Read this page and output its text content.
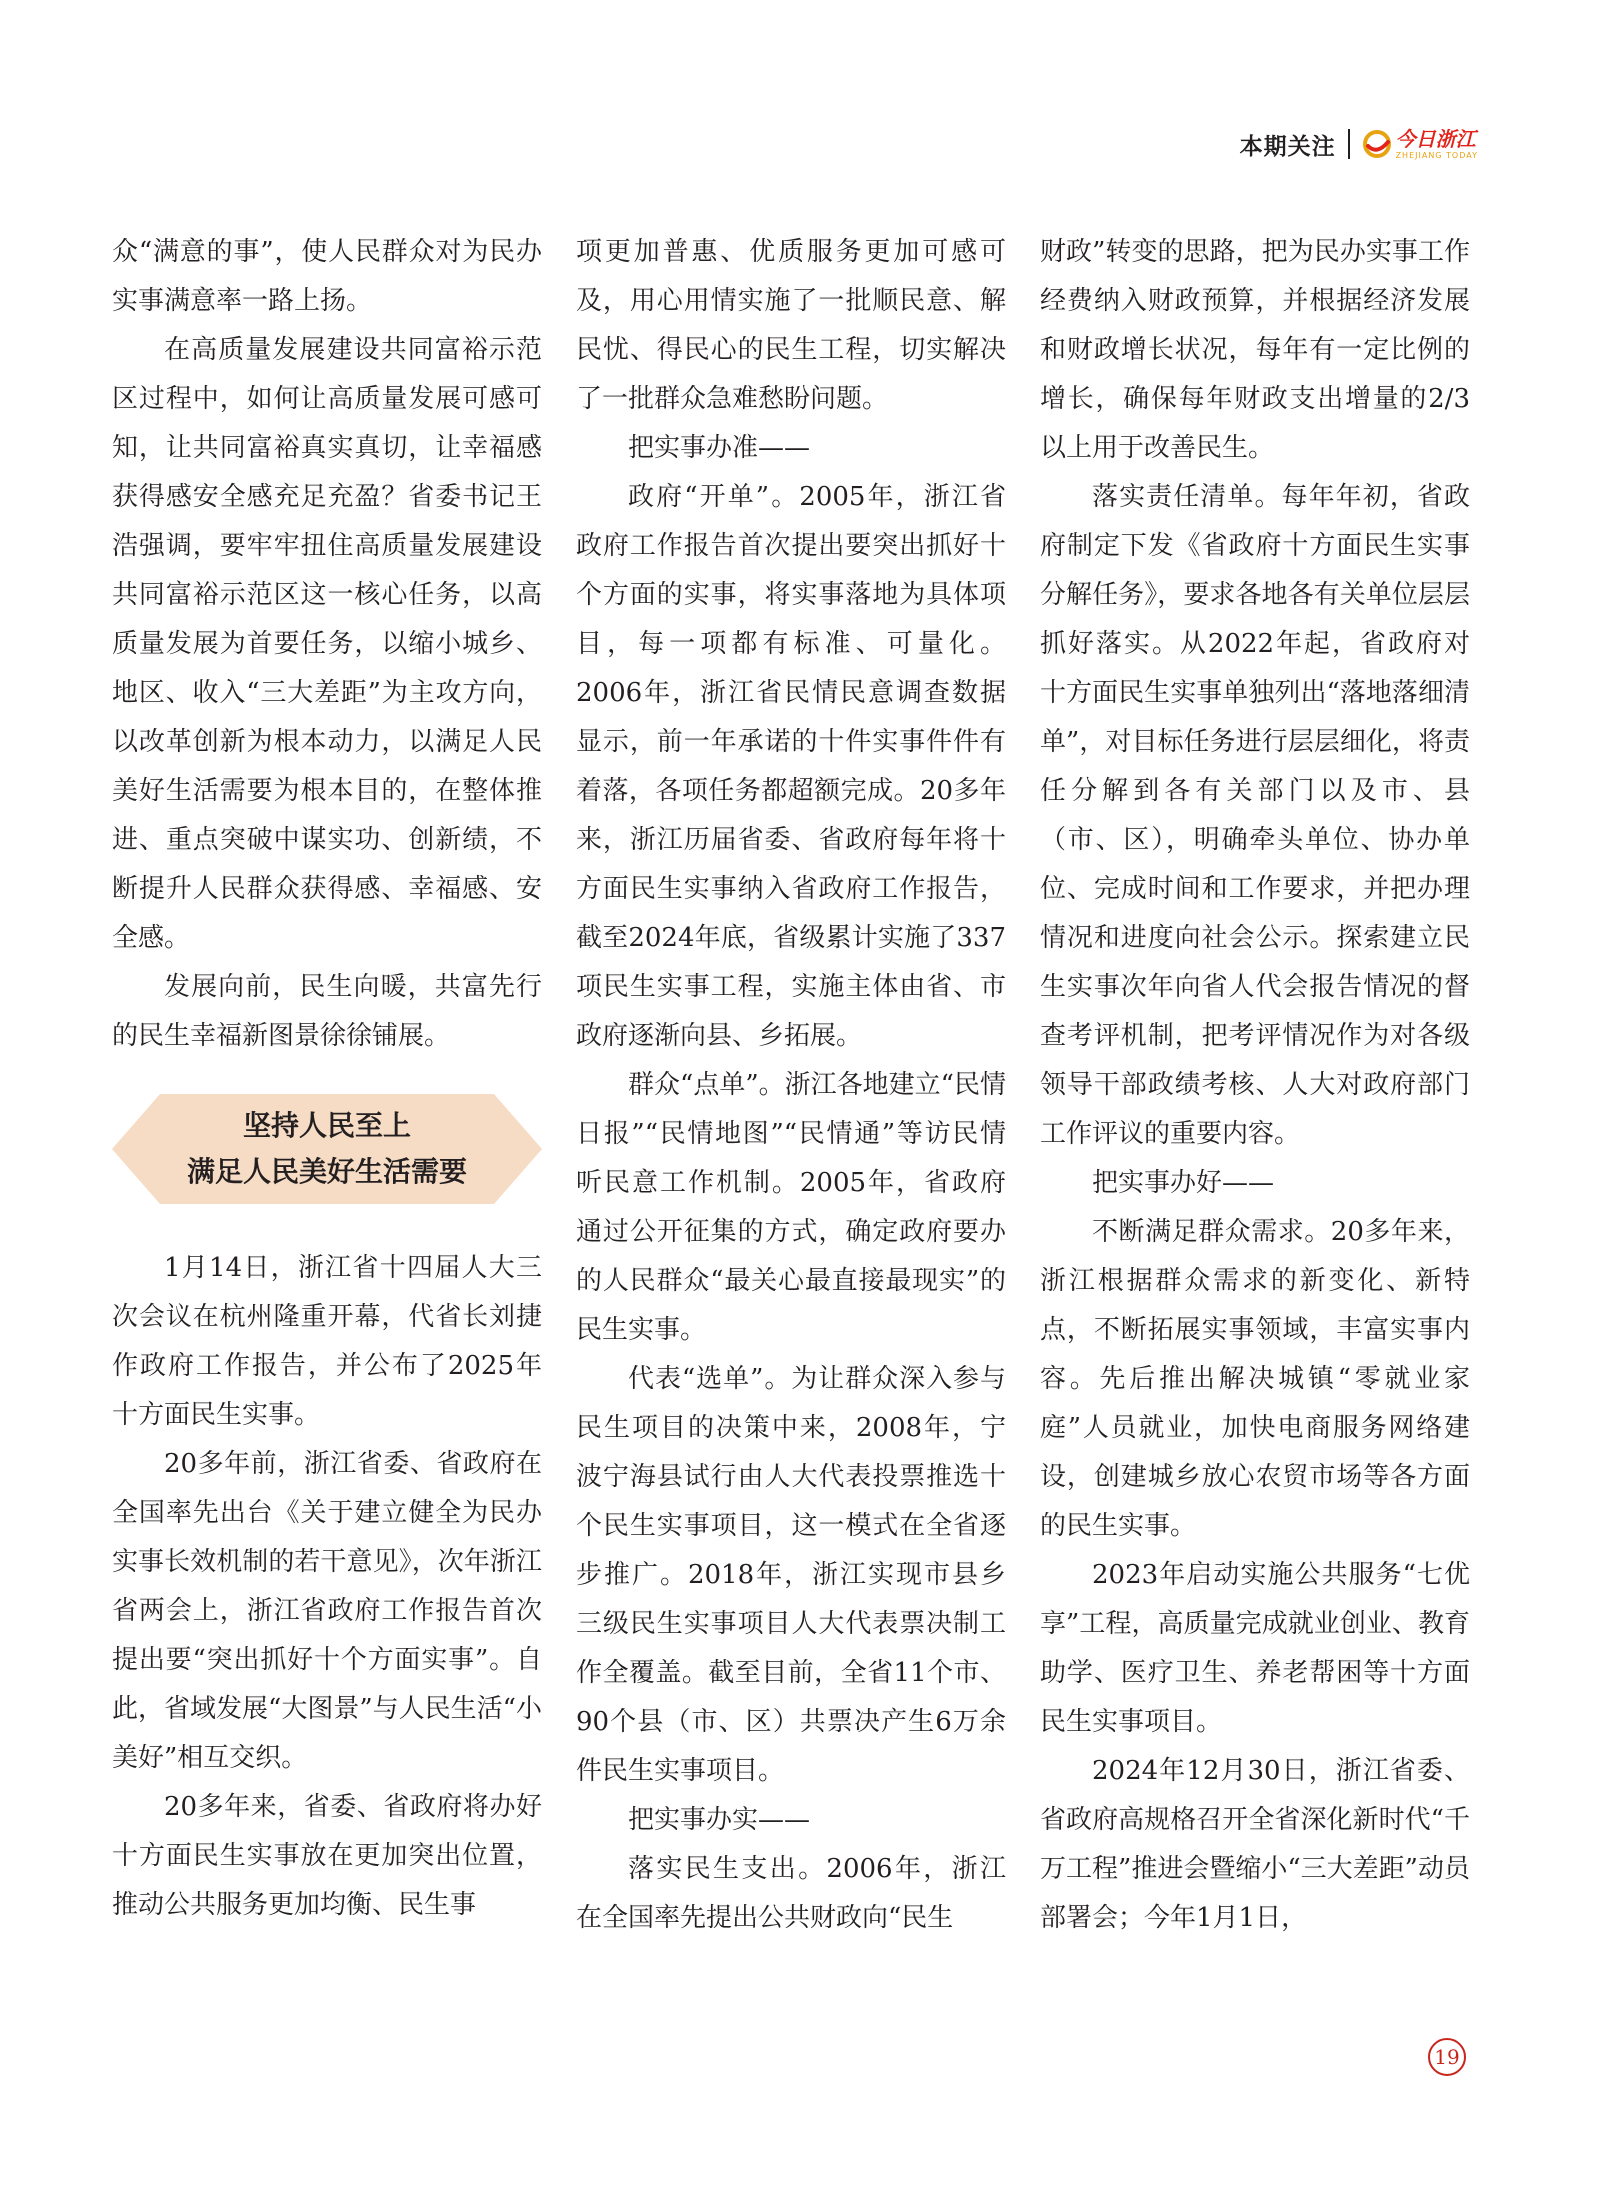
本期关注	今日浙江
ZHEJIANG TODAY

众“满意的事”，使人民群众对为民办实事满意率一路上扬。

在高质量发展建设共同富裕示范区过程中，如何让高质量发展可感可知，让共同富裕真实真切，让幸福感获得感安全感充足充盈？省委书记王浩强调，要牢牢扭住高质量发展建设共同富裕示范区这一核心任务，以高质量发展为首要任务，以缩小城乡、地区、收入“三大差距”为主攻方向，以改革创新为根本动力，以满足人民美好生活需要为根本目的，在整体推进、重点突破中谋实功、创新绩，不断提升人民群众获得感、幸福感、安全感。

发展向前，民生向暖，共富先行的民生幸福新图景徐徐铺展。

坚持人民至上
满足人民美好生活需要

1月14日，浙江省十四届人大三次会议在杭州隆重开幕，代省长刘捷作政府工作报告，并公布了2025年十方面民生实事。

20多年前，浙江省委、省政府在全国率先出台《关于建立健全为民办实事长效机制的若干意见》，次年浙江省两会上，浙江省政府工作报告首次提出要“突出抓好十个方面实事”。自此，省域发展“大图景”与人民生活“小美好”相互交织。

20多年来，省委、省政府将办好十方面民生实事放在更加突出位置，推动公共服务更加均衡、民生事

项更加普惠、优质服务更加可感可及，用心用情实施了一批顺民意、解民忧、得民心的民生工程，切实解决了一批群众急难愁盼问题。

把实事办准——

政府“开单”。2005年，浙江省政府工作报告首次提出要突出抓好十个方面的实事，将实事落地为具体项目，每一项都有标准、可量化。2006年，浙江省民情民意调查数据显示，前一年承诺的十件实事件件有着落，各项任务都超额完成。20多年来，浙江历届省委、省政府每年将十方面民生实事纳入省政府工作报告，截至2024年底，省级累计实施了337项民生实事工程，实施主体由省、市政府逐渐向县、乡拓展。

群众“点单”。浙江各地建立“民情日报”“民情地图”“民情通”等访民情听民意工作机制。2005年，省政府通过公开征集的方式，确定政府要办的人民群众“最关心最直接最现实”的民生实事。

代表“选单”。为让群众深入参与民生项目的决策中来，2008年，宁波宁海县试行由人大代表投票推选十个民生实事项目，这一模式在全省逐步推广。2018年，浙江实现市县乡三级民生实事项目人大代表票决制工作全覆盖。截至目前，全省11个市、90个县（市、区）共票决产生6万余件民生实事项目。

把实事办实——

落实民生支出。2006年，浙江在全国率先提出公共财政向“民生

财政”转变的思路，把为民办实事工作经费纳入财政预算，并根据经济发展和财政增长状况，每年有一定比例的增长，确保每年财政支出增量的2/3以上用于改善民生。

落实责任清单。每年年初，省政府制定下发《省政府十方面民生实事分解任务》，要求各地各有关单位层层抓好落实。从2022年起，省政府对十方面民生实事单独列出“落地落细清单”，对目标任务进行层层细化，将责任分解到各有关部门以及市、县（市、区），明确牵头单位、协办单位、完成时间和工作要求，并把办理情况和进度向社会公示。探索建立民生实事次年向省人代会报告情况的督查考评机制，把考评情况作为对各级领导干部政绩考核、人大对政府部门工作评议的重要内容。

把实事办好——

不断满足群众需求。20多年来，浙江根据群众需求的新变化、新特点，不断拓展实事领域，丰富实事内容。先后推出解决城镇“零就业家庭”人员就业，加快电商服务网络建设，创建城乡放心农贸市场等各方面的民生实事。

2023年启动实施公共服务“七优享”工程，高质量完成就业创业、教育助学、医疗卫生、养老帮困等十方面民生实事项目。

2024年12月30日，浙江省委、省政府高规格召开全省深化新时代“千万工程”推进会暨缩小“三大差距”动员部署会；今年1月1日，

19
